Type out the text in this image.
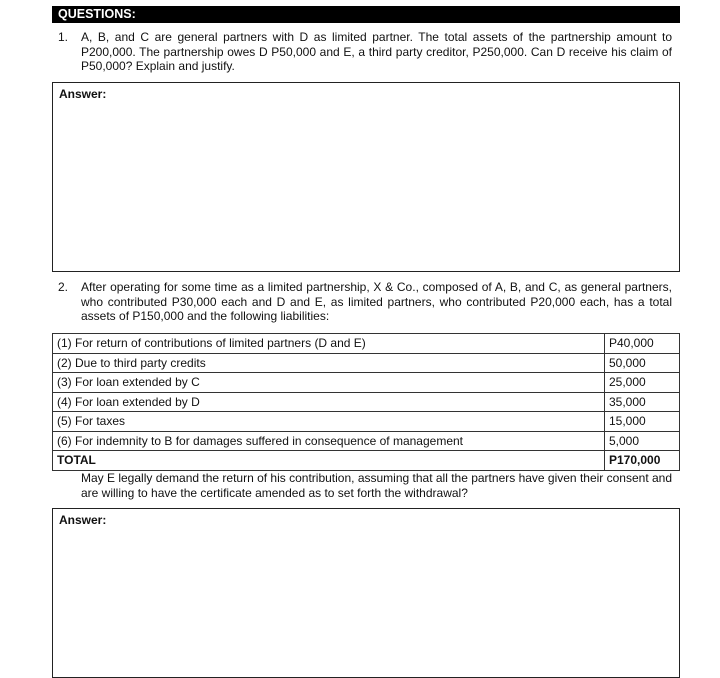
QUESTIONS:
1. A, B, and C are general partners with D as limited partner. The total assets of the partnership amount to P200,000. The partnership owes D P50,000 and E, a third party creditor, P250,000. Can D receive his claim of P50,000? Explain and justify.
Answer:
2. After operating for some time as a limited partnership, X & Co., composed of A, B, and C, as general partners, who contributed P30,000 each and D and E, as limited partners, who contributed P20,000 each, has a total assets of P150,000 and the following liabilities:
(1) For return of contributions of limited partners (D and E)	P40,000
(2) Due to third party credits	50,000
(3) For loan extended by C	25,000
(4) For loan extended by D	35,000
(5) For taxes	15,000
(6) For indemnity to B for damages suffered in consequence of management	5,000
TOTAL	P170,000
May E legally demand the return of his contribution, assuming that all the partners have given their consent and are willing to have the certificate amended as to set forth the withdrawal?
Answer:
